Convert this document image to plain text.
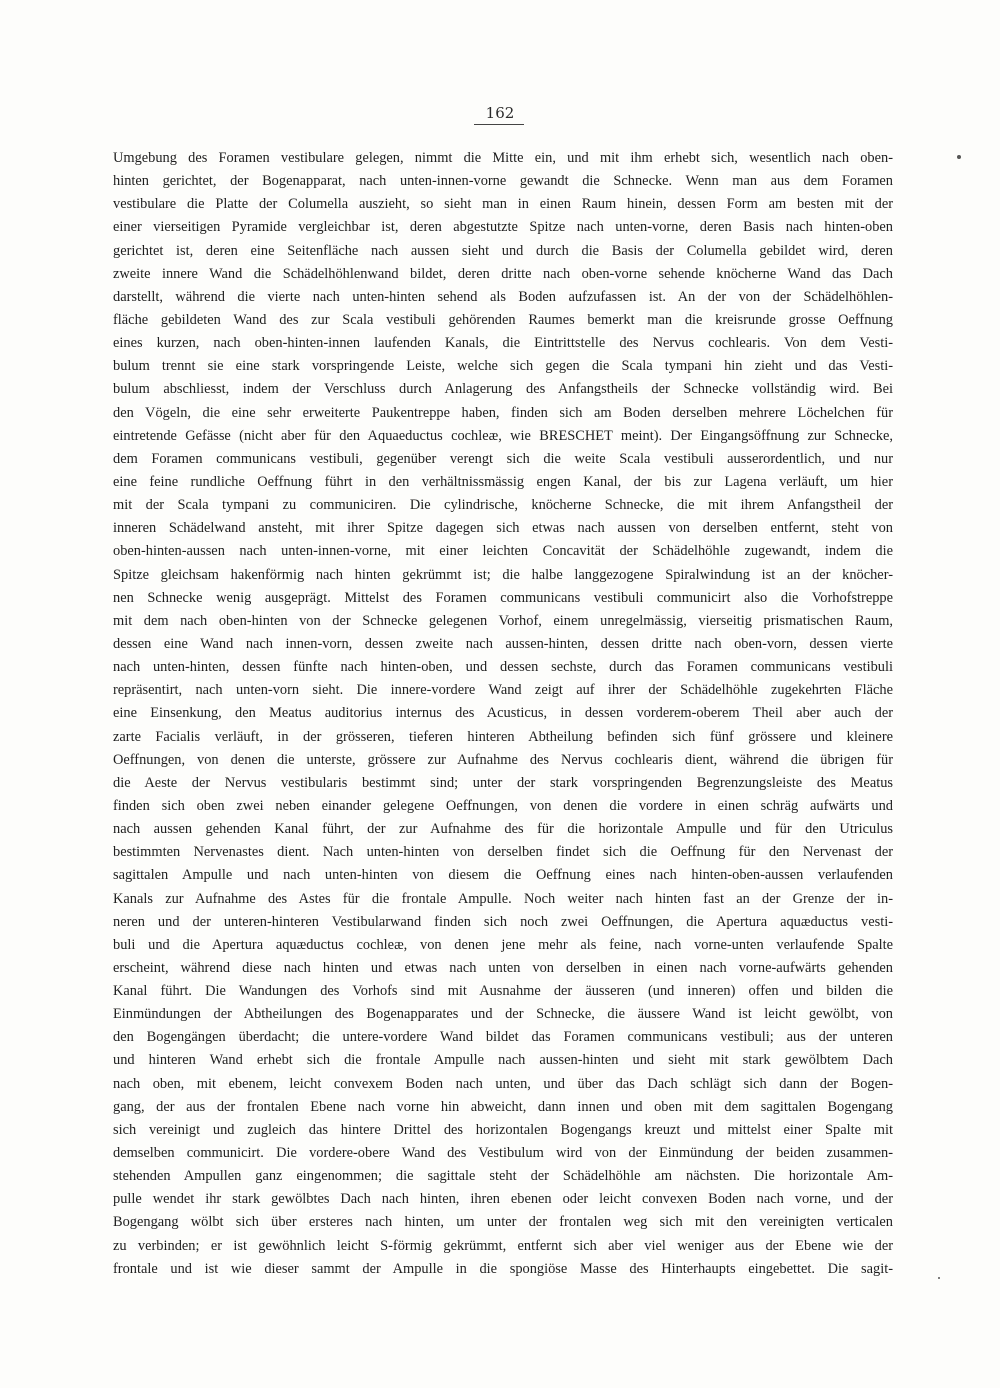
162
Umgebung des Foramen vestibulare gelegen, nimmt die Mitte ein, und mit ihm erhebt sich, wesentlich nach oben-
hinten gerichtet, der Bogenapparat, nach unten-innen-vorne gewandt die Schnecke. Wenn man aus dem Foramen
vestibulare die Platte der Columella auszieht, so sieht man in einen Raum hinein, dessen Form am besten mit der
einer vierseitigen Pyramide vergleichbar ist, deren abgestutzte Spitze nach unten-vorne, deren Basis nach hinten-oben
gerichtet ist, deren eine Seitenfläche nach aussen sieht und durch die Basis der Columella gebildet wird, deren
zweite innere Wand die Schädelhöhlenwand bildet, deren dritte nach oben-vorne sehende knöcherne Wand das Dach
darstellt, während die vierte nach unten-hinten sehend als Boden aufzufassen ist. An der von der Schädelhöhlen-
fläche gebildeten Wand des zur Scala vestibuli gehörenden Raumes bemerkt man die kreisrunde grosse Oeffnung
eines kurzen, nach oben-hinten-innen laufenden Kanals, die Eintrittstelle des Nervus cochlearis. Von dem Vesti-
bulum trennt sie eine stark vorspringende Leiste, welche sich gegen die Scala tympani hin zieht und das Vesti-
bulum abschliesst, indem der Verschluss durch Anlagerung des Anfangstheils der Schnecke vollständig wird. Bei
den Vögeln, die eine sehr erweiterte Paukentreppe haben, finden sich am Boden derselben mehrere Löchelchen für
eintretende Gefässe (nicht aber für den Aquaeductus cochleæ, wie BRESCHET meint). Der Eingangsöffnung zur Schnecke,
dem Foramen communicans vestibuli, gegenüber verengt sich die weite Scala vestibuli ausserordentlich, und nur
eine feine rundliche Oeffnung führt in den verhältnissmässig engen Kanal, der bis zur Lagena verläuft, um hier
mit der Scala tympani zu communiciren. Die cylindrische, knöcherne Schnecke, die mit ihrem Anfangstheil der
inneren Schädelwand ansteht, mit ihrer Spitze dagegen sich etwas nach aussen von derselben entfernt, steht von
oben-hinten-aussen nach unten-innen-vorne, mit einer leichten Concavität der Schädelhöhle zugewandt, indem die
Spitze gleichsam hakenförmig nach hinten gekrümmt ist; die halbe langgezogene Spiralwindung ist an der knöcher-
nen Schnecke wenig ausgeprägt. Mittelst des Foramen communicans vestibuli communicirt also die Vorhofstreppe
mit dem nach oben-hinten von der Schnecke gelegenen Vorhof, einem unregelmässig, vierseitig prismatischen Raum,
dessen eine Wand nach innen-vorn, dessen zweite nach aussen-hinten, dessen dritte nach oben-vorn, dessen vierte
nach unten-hinten, dessen fünfte nach hinten-oben, und dessen sechste, durch das Foramen communicans vestibuli
repräsentirt, nach unten-vorn sieht. Die innere-vordere Wand zeigt auf ihrer der Schädelhöhle zugekehrten Fläche
eine Einsenkung, den Meatus auditorius internus des Acusticus, in dessen vorderem-oberem Theil aber auch der
zarte Facialis verläuft, in der grösseren, tieferen hinteren Abtheilung befinden sich fünf grössere und kleinere
Oeffnungen, von denen die unterste, grössere zur Aufnahme des Nervus cochlearis dient, während die übrigen für
die Aeste der Nervus vestibularis bestimmt sind; unter der stark vorspringenden Begrenzungsleiste des Meatus
finden sich oben zwei neben einander gelegene Oeffnungen, von denen die vordere in einen schräg aufwärts und
nach aussen gehenden Kanal führt, der zur Aufnahme des für die horizontale Ampulle und für den Utriculus
bestimmten Nervenastes dient. Nach unten-hinten von derselben findet sich die Oeffnung für den Nervenast der
sagittalen Ampulle und nach unten-hinten von diesem die Oeffnung eines nach hinten-oben-aussen verlaufenden
Kanals zur Aufnahme des Astes für die frontale Ampulle. Noch weiter nach hinten fast an der Grenze der in-
neren und der unteren-hinteren Vestibularwand finden sich noch zwei Oeffnungen, die Apertura aquæductus vesti-
buli und die Apertura aquæductus cochleæ, von denen jene mehr als feine, nach vorne-unten verlaufende Spalte
erscheint, während diese nach hinten und etwas nach unten von derselben in einen nach vorne-aufwärts gehenden
Kanal führt. Die Wandungen des Vorhofs sind mit Ausnahme der äusseren (und inneren) offen und bilden die
Einmündungen der Abtheilungen des Bogenapparates und der Schnecke, die äussere Wand ist leicht gewölbt, von
den Bogengängen überdacht; die untere-vordere Wand bildet das Foramen communicans vestibuli; aus der unteren
und hinteren Wand erhebt sich die frontale Ampulle nach aussen-hinten und sieht mit stark gewölbtem Dach
nach oben, mit ebenem, leicht convexem Boden nach unten, und über das Dach schlägt sich dann der Bogen-
gang, der aus der frontalen Ebene nach vorne hin abweicht, dann innen und oben mit dem sagittalen Bogengang
sich vereinigt und zugleich das hintere Drittel des horizontalen Bogengangs kreuzt und mittelst einer Spalte mit
demselben communicirt. Die vordere-obere Wand des Vestibulum wird von der Einmündung der beiden zusammen-
stehenden Ampullen ganz eingenommen; die sagittale steht der Schädelhöhle am nächsten. Die horizontale Am-
pulle wendet ihr stark gewölbtes Dach nach hinten, ihren ebenen oder leicht convexen Boden nach vorne, und der
Bogengang wölbt sich über ersteres nach hinten, um unter der frontalen weg sich mit den vereinigten verticalen
zu verbinden; er ist gewöhnlich leicht S-förmig gekrümmt, entfernt sich aber viel weniger aus der Ebene wie der
frontale und ist wie dieser sammt der Ampulle in die spongiöse Masse des Hinterhaupts eingebettet. Die sagit-
